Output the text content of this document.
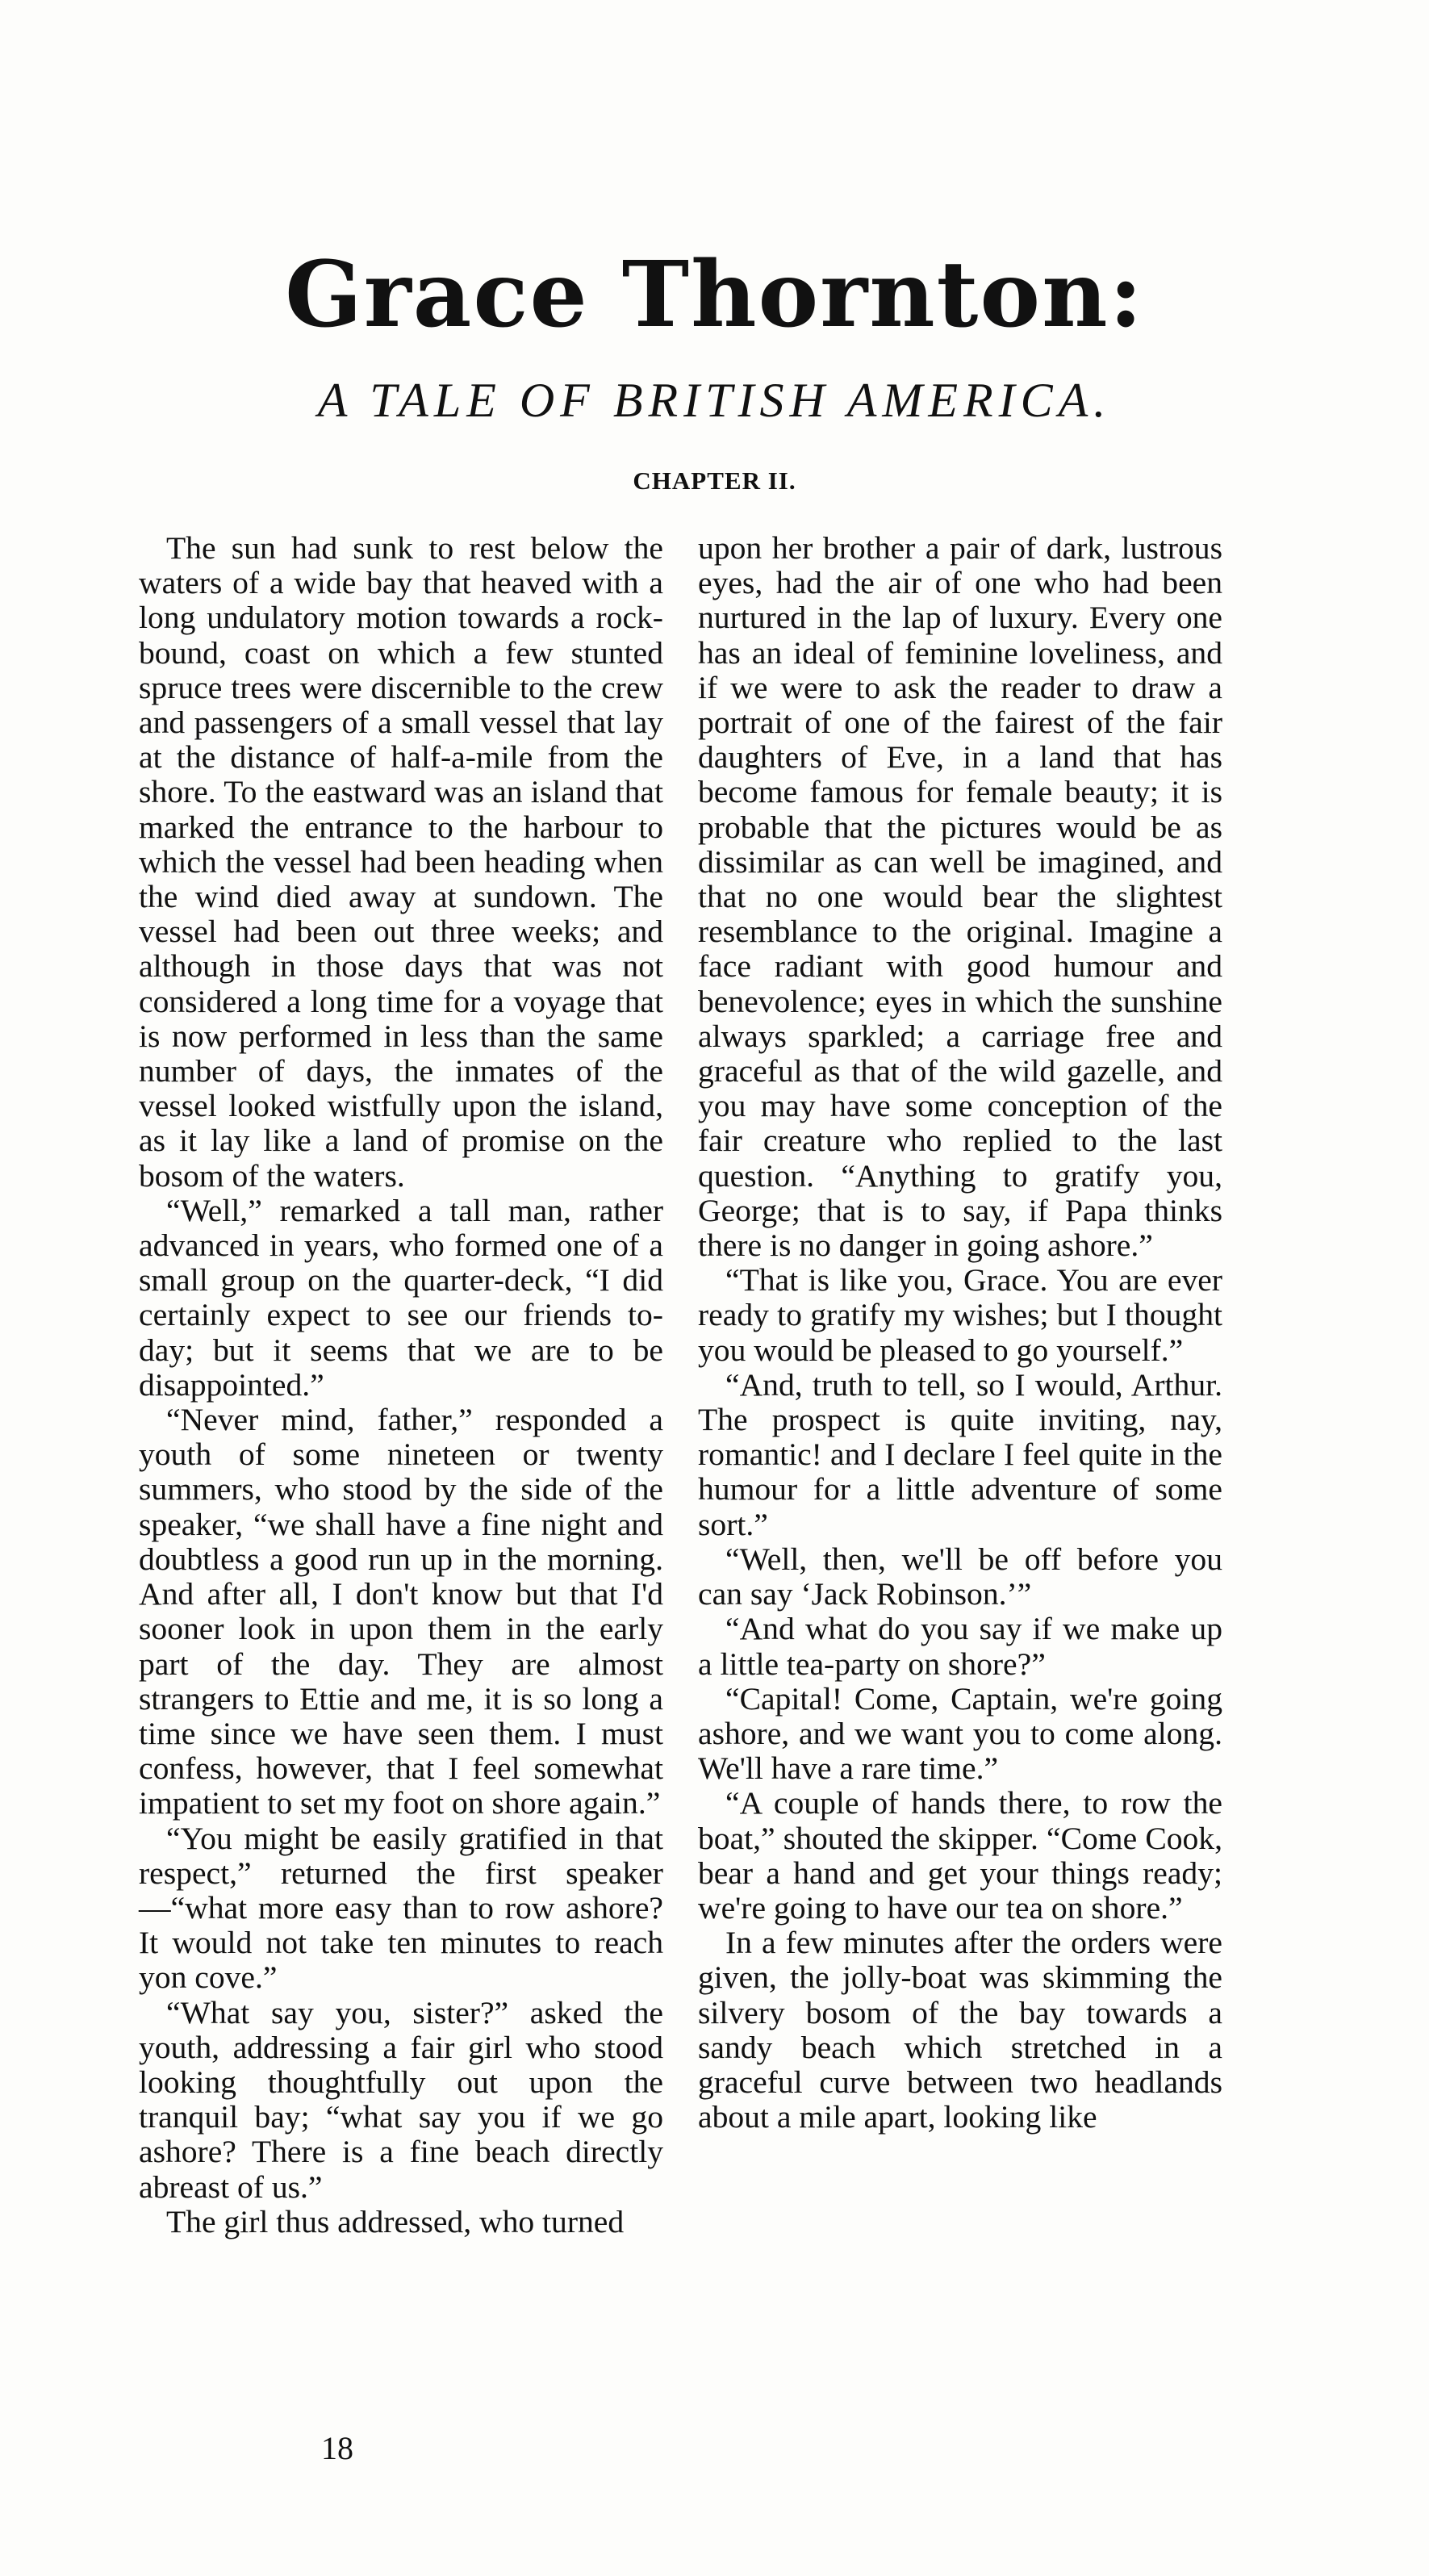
Grace Thornton:
A TALE OF BRITISH AMERICA.
CHAPTER II.

The sun had sunk to rest below the waters of a wide bay that heaved with a long undulatory motion towards a rock-bound, coast on which a few stunted spruce trees were discernible to the crew and passengers of a small vessel that lay at the distance of half-a-mile from the shore. To the eastward was an island that marked the entrance to the harbour to which the vessel had been heading when the wind died away at sundown. The vessel had been out three weeks; and although in those days that was not considered a long time for a voyage that is now performed in less than the same number of days, the inmates of the vessel looked wistfully upon the island, as it lay like a land of promise on the bosom of the waters.

“Well,” remarked a tall man, rather advanced in years, who formed one of a small group on the quarter-deck, “I did certainly expect to see our friends to-day; but it seems that we are to be disappointed.”

“Never mind, father,” responded a youth of some nineteen or twenty summers, who stood by the side of the speaker, “we shall have a fine night and doubtless a good run up in the morning. And after all, I don't know but that I'd sooner look in upon them in the early part of the day. They are almost strangers to Ettie and me, it is so long a time since we have seen them. I must confess, however, that I feel somewhat impatient to set my foot on shore again.”

“You might be easily gratified in that respect,” returned the first speaker —“what more easy than to row ashore? It would not take ten minutes to reach yon cove.”

“What say you, sister?” asked the youth, addressing a fair girl who stood looking thoughtfully out upon the tranquil bay; “what say you if we go ashore? There is a fine beach directly abreast of us.”

The girl thus addressed, who turned

upon her brother a pair of dark, lustrous eyes, had the air of one who had been nurtured in the lap of luxury. Every one has an ideal of feminine loveliness, and if we were to ask the reader to draw a portrait of one of the fairest of the fair daughters of Eve, in a land that has become famous for female beauty; it is probable that the pictures would be as dissimilar as can well be imagined, and that no one would bear the slightest resemblance to the original. Imagine a face radiant with good humour and benevolence; eyes in which the sunshine always sparkled; a carriage free and graceful as that of the wild gazelle, and you may have some conception of the fair creature who replied to the last question. “Anything to gratify you, George; that is to say, if Papa thinks there is no danger in going ashore.”

“That is like you, Grace. You are ever ready to gratify my wishes; but I thought you would be pleased to go yourself.”

“And, truth to tell, so I would, Arthur. The prospect is quite inviting, nay, romantic! and I declare I feel quite in the humour for a little adventure of some sort.”

“Well, then, we'll be off before you can say ‘Jack Robinson.’”

“And what do you say if we make up a little tea-party on shore?”

“Capital! Come, Captain, we're going ashore, and we want you to come along. We'll have a rare time.”

“A couple of hands there, to row the boat,” shouted the skipper. “Come Cook, bear a hand and get your things ready; we're going to have our tea on shore.”

In a few minutes after the orders were given, the jolly-boat was skimming the silvery bosom of the bay towards a sandy beach which stretched in a graceful curve between two headlands about a mile apart, looking like

18
